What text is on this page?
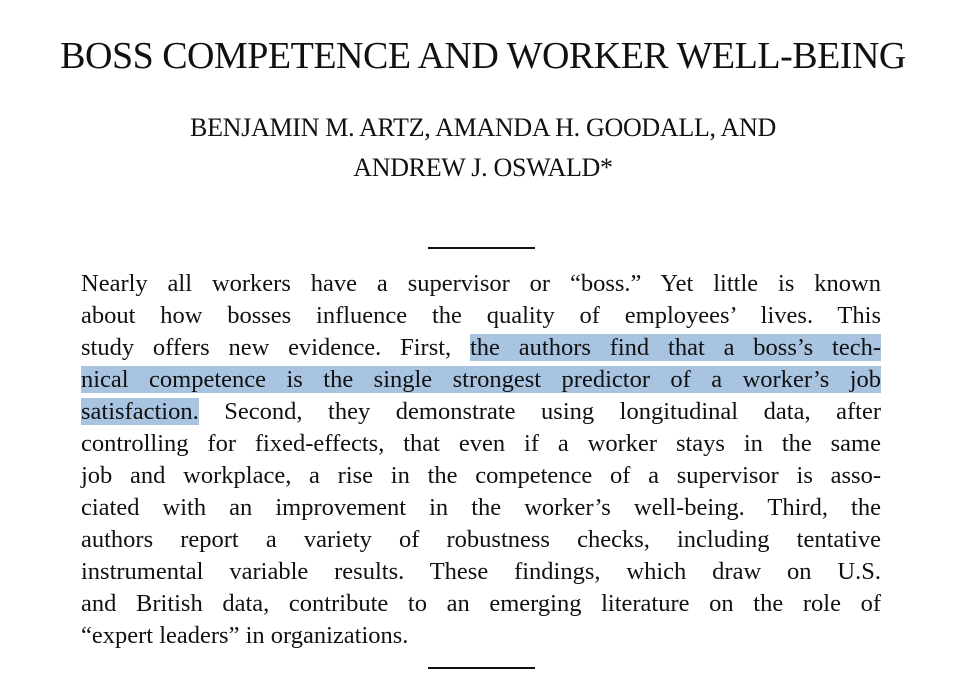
BOSS COMPETENCE AND WORKER WELL-BEING
BENJAMIN M. ARTZ, AMANDA H. GOODALL, AND
ANDREW J. OSWALD*
Nearly all workers have a supervisor or “boss.” Yet little is known
about how bosses influence the quality of employees’ lives. This
study offers new evidence. First, the authors find that a boss’s tech-
nical competence is the single strongest predictor of a worker’s job
satisfaction. Second, they demonstrate using longitudinal data, after
controlling for fixed-effects, that even if a worker stays in the same
job and workplace, a rise in the competence of a supervisor is asso-
ciated with an improvement in the worker’s well-being. Third, the
authors report a variety of robustness checks, including tentative
instrumental variable results. These findings, which draw on U.S.
and British data, contribute to an emerging literature on the role of
“expert leaders” in organizations.
